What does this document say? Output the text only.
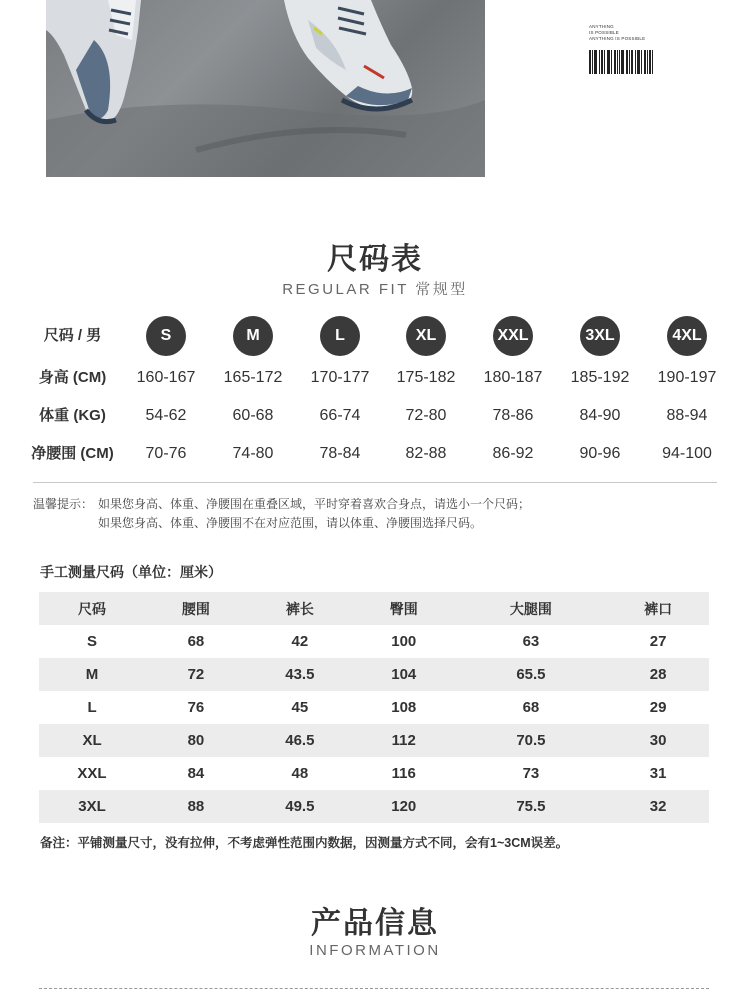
ANYTHING
IS POSSIBLE
ANYTHING IS POSSIBLE
尺码表
REGULAR FIT 常规型
尺码 / 男	S	M	L	XL	XXL	3XL	4XL
身高 (CM)	160-167	165-172	170-177	175-182	180-187	185-192	190-197
体重 (KG)	54-62	60-68	66-74	72-80	78-86	84-90	88-94
净腰围 (CM)	70-76	74-80	78-84	82-88	86-92	90-96	94-100
温馨提示： 如果您身高、体重、净腰围在重叠区域，平时穿着喜欢合身点，请选小一个尺码；
如果您身高、体重、净腰围不在对应范围，请以体重、净腰围选择尺码。
手工测量尺码（单位：厘米）
尺码	腰围	裤长	臀围	大腿围	裤口
S	68	42	100	63	27
M	72	43.5	104	65.5	28
L	76	45	108	68	29
XL	80	46.5	112	70.5	30
XXL	84	48	116	73	31
3XL	88	49.5	120	75.5	32
备注：平铺测量尺寸，没有拉伸，不考虑弹性范围内数据，因测量方式不同，会有1~3CM误差。
产品信息
INFORMATION
